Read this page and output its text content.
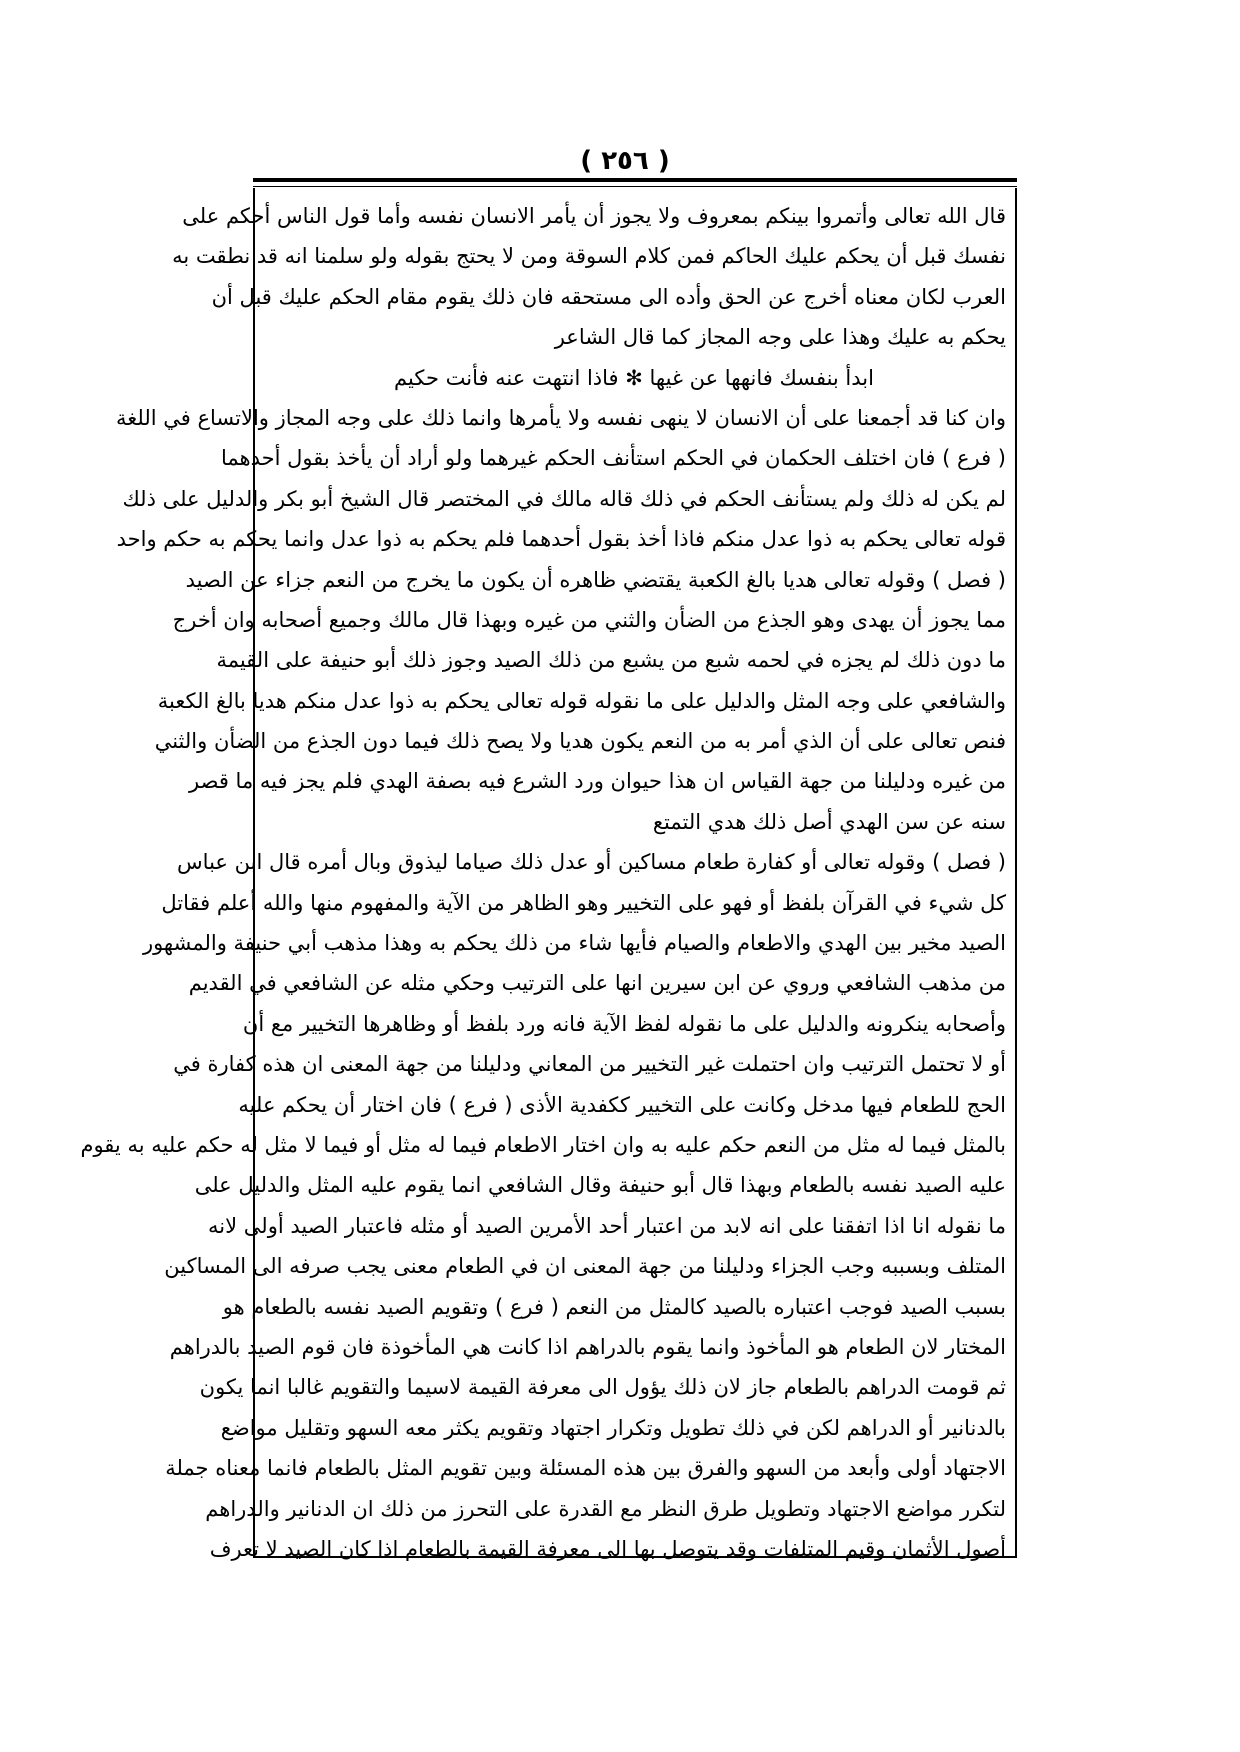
( ٢٥٦ )
قال الله تعالى وأتمروا بينكم بمعروف ولا يجوز أن يأمر الانسان نفسه وأما قول الناس أحكم على
نفسك قبل أن يحكم عليك الحاكم فمن كلام السوقة ومن لا يحتج بقوله ولو سلمنا انه قد نطقت به
العرب لكان معناه أخرج عن الحق وأده الى مستحقه فان ذلك يقوم مقام الحكم عليك قبل أن
يحكم به عليك وهذا على وجه المجاز كما قال الشاعر
ابدأ بنفسك فانهها عن غيها ✻ فاذا انتهت عنه فأنت حكيم
وان كنا قد أجمعنا على أن الانسان لا ينهى نفسه ولا يأمرها وانما ذلك على وجه المجاز والاتساع في اللغة
( فرع ) فان اختلف الحكمان في الحكم استأنف الحكم غيرهما ولو أراد أن يأخذ بقول أحدهما
لم يكن له ذلك ولم يستأنف الحكم في ذلك قاله مالك في المختصر قال الشيخ أبو بكر والدليل على ذلك
قوله تعالى يحكم به ذوا عدل منكم فاذا أخذ بقول أحدهما فلم يحكم به ذوا عدل وانما يحكم به حكم واحد
( فصل ) وقوله تعالى هديا بالغ الكعبة يقتضي ظاهره أن يكون ما يخرج من النعم جزاء عن الصيد
مما يجوز أن يهدى وهو الجذع من الضأن والثني من غيره وبهذا قال مالك وجميع أصحابه وان أخرج
ما دون ذلك لم يجزه في لحمه شبع من يشبع من ذلك الصيد وجوز ذلك أبو حنيفة على القيمة
والشافعي على وجه المثل والدليل على ما نقوله قوله تعالى يحكم به ذوا عدل منكم هديا بالغ الكعبة
فنص تعالى على أن الذي أمر به من النعم يكون هديا ولا يصح ذلك فيما دون الجذع من الضأن والثني
من غيره ودليلنا من جهة القياس ان هذا حيوان ورد الشرع فيه بصفة الهدي فلم يجز فيه ما قصر
سنه عن سن الهدي أصل ذلك هدي التمتع
( فصل ) وقوله تعالى أو كفارة طعام مساكين أو عدل ذلك صياما ليذوق وبال أمره قال ابن عباس
كل شيء في القرآن بلفظ أو فهو على التخيير وهو الظاهر من الآية والمفهوم منها والله أعلم فقاتل
الصيد مخير بين الهدي والاطعام والصيام فأيها شاء من ذلك يحكم به وهذا مذهب أبي حنيفة والمشهور
من مذهب الشافعي وروي عن ابن سيرين انها على الترتيب وحكي مثله عن الشافعي في القديم
وأصحابه ينكرونه والدليل على ما نقوله لفظ الآية فانه ورد بلفظ أو وظاهرها التخيير مع أن
أو لا تحتمل الترتيب وان احتملت غير التخيير من المعاني ودليلنا من جهة المعنى ان هذه كفارة في
الحج للطعام فيها مدخل وكانت على التخيير ككفدية الأذى ( فرع ) فان اختار أن يحكم عليه
بالمثل فيما له مثل من النعم حكم عليه به وان اختار الاطعام فيما له مثل أو فيما لا مثل له حكم عليه به يقوم
عليه الصيد نفسه بالطعام وبهذا قال أبو حنيفة وقال الشافعي انما يقوم عليه المثل والدليل على
ما نقوله انا اذا اتفقنا على انه لابد من اعتبار أحد الأمرين الصيد أو مثله فاعتبار الصيد أولى لانه
المتلف وبسببه وجب الجزاء ودليلنا من جهة المعنى ان في الطعام معنى يجب صرفه الى المساكين
بسبب الصيد فوجب اعتباره بالصيد كالمثل من النعم ( فرع ) وتقويم الصيد نفسه بالطعام هو
المختار لان الطعام هو المأخوذ وانما يقوم بالدراهم اذا كانت هي المأخوذة فان قوم الصيد بالدراهم
ثم قومت الدراهم بالطعام جاز لان ذلك يؤول الى معرفة القيمة لاسيما والتقويم غالبا انما يكون
بالدنانير أو الدراهم لكن في ذلك تطويل وتكرار اجتهاد وتقويم يكثر معه السهو وتقليل مواضع
الاجتهاد أولى وأبعد من السهو والفرق بين هذه المسئلة وبين تقويم المثل بالطعام فانما معناه جملة
لتكرر مواضع الاجتهاد وتطويل طرق النظر مع القدرة على التحرز من ذلك ان الدنانير والدراهم
أصول الأثمان وقيم المتلفات وقد يتوصل بها الى معرفة القيمة بالطعام اذا كان الصيد لا تعرف
